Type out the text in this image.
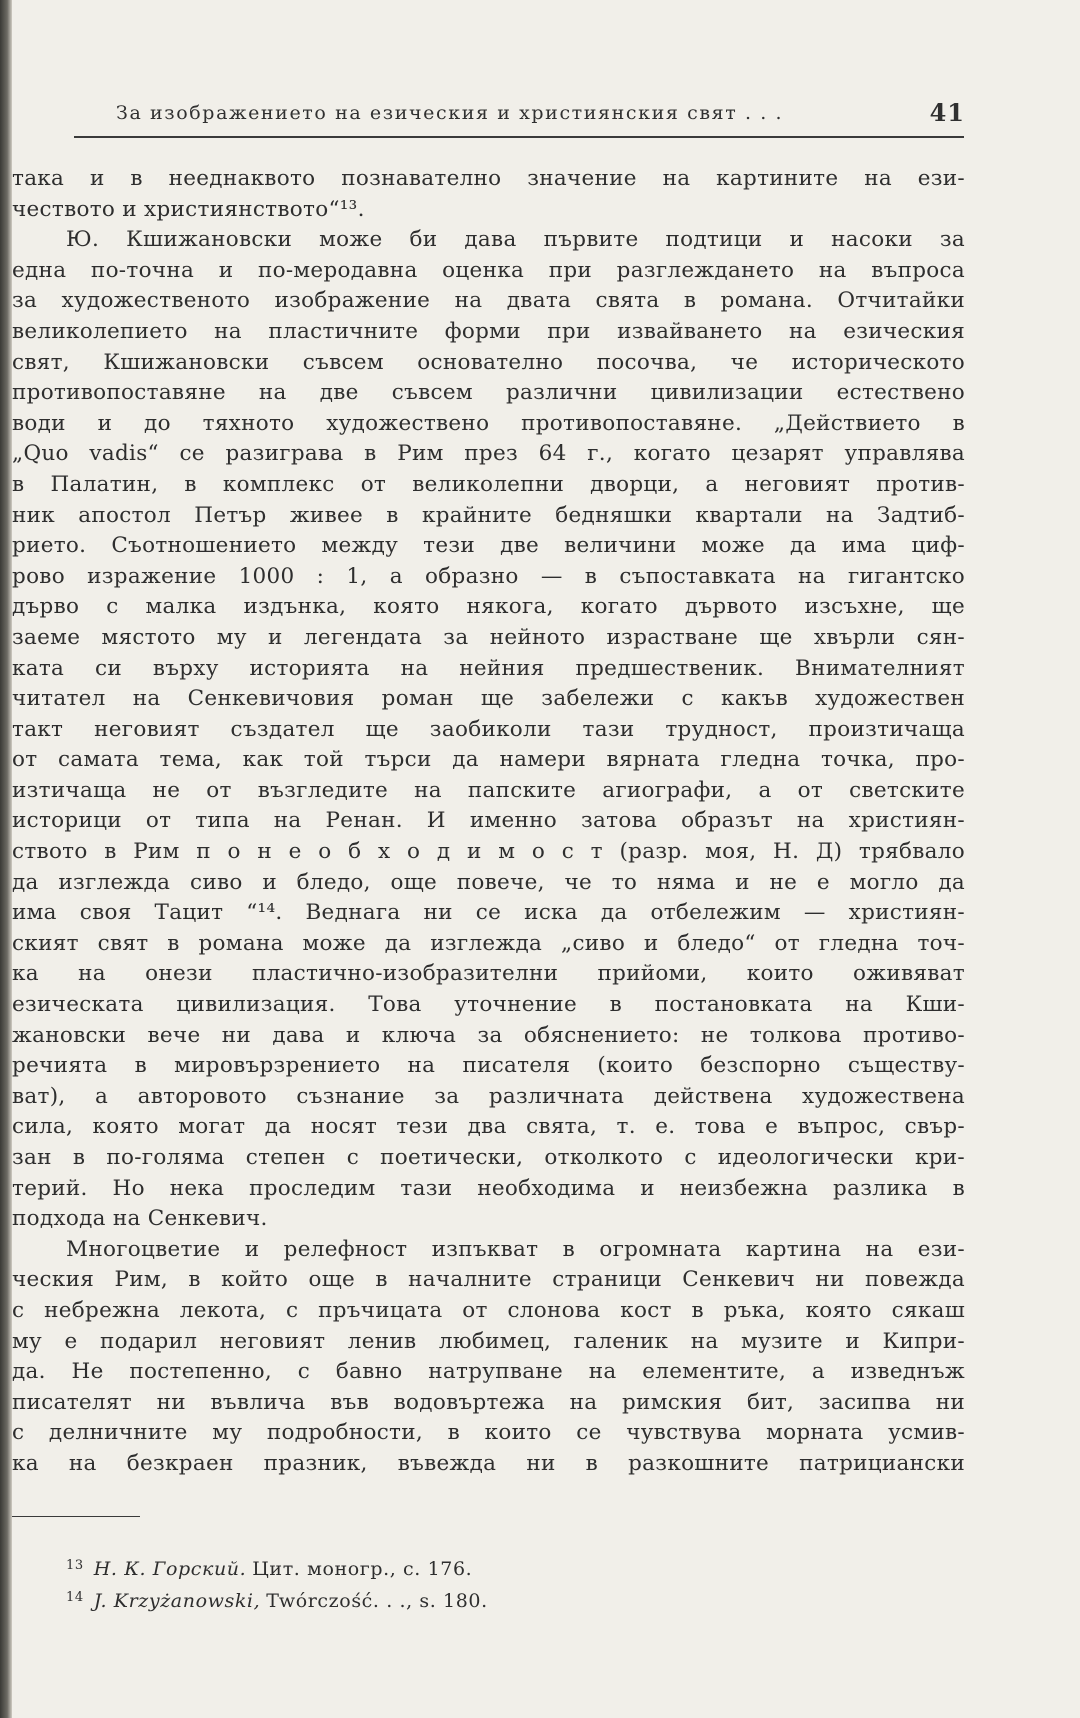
За изображението на езическия и християнския свят . . .	41
така и в нееднаквото познавателно значение на картините на ези-
чеството и християнството“¹³.
Ю. Кшижановски може би дава първите подтици и насоки за
една по-точна и по-меродавна оценка при разглеждането на въпроса
за художественото изображение на двата свята в романа. Отчитайки
великолепието на пластичните форми при извайването на езическия
свят, Кшижановски съвсем основателно посочва, че историческото
противопоставяне на две съвсем различни цивилизации естествено
води и до тяхното художествено противопоставяне. „Действието в
„Quo vadis“ се разиграва в Рим през 64 г., когато цезарят управлява
в Палатин, в комплекс от великолепни дворци, а неговият против-
ник апостол Петър живее в крайните бедняшки квартали на Задтиб-
рието. Съотношението между тези две величини може да има циф-
рово изражение 1000 : 1, а образно — в съпоставката на гигантско
дърво с малка издънка, която някога, когато дървото изсъхне, ще
заеме мястото му и легендата за нейното израстване ще хвърли сян-
ката си върху историята на нейния предшественик. Внимателният
читател на Сенкевичовия роман ще забележи с какъв художествен
такт неговият създател ще заобиколи тази трудност, произтичаща
от самата тема, как той търси да намери вярната гледна точка, про-
изтичаща не от възгледите на папските агиографи, а от светските
историци от типа на Ренан. И именно затова образът на християн-
ството в Рим п о н е о б х о д и м о с т (разр. моя, Н. Д) трябвало
да изглежда сиво и бледо, още повече, че то няма и не е могло да
има своя Тацит “¹⁴. Веднага ни се иска да отбележим — християн-
ският свят в романа може да изглежда „сиво и бледо“ от гледна точ-
ка на онези пластично-изобразителни прийоми, които оживяват
езическата цивилизация. Това уточнение в постановката на Кши-
жановски вече ни дава и ключа за обяснението: не толкова противо-
речията в мировързрението на писателя (които безспорно съществу-
ват), а авторовото съзнание за различната действена художествена
сила, която могат да носят тези два свята, т. е. това е въпрос, свър-
зан в по-голяма степен с поетически, отколкото с идеологически кри-
терий. Но нека проследим тази необходима и неизбежна разлика в
подхода на Сенкевич.
Многоцветие и релефност изпъкват в огромната картина на ези-
ческия Рим, в който още в началните страници Сенкевич ни повежда
с небрежна лекота, с пръчицата от слонова кост в ръка, която сякаш
му е подарил неговият ленив любимец, галеник на музите и Кипри-
да. Не постепенно, с бавно натрупване на елементите, а изведнъж
писателят ни въвлича във водовъртежа на римския бит, засипва ни
с делничните му подробности, в които се чувствува морната усмив-
ка на безкраен празник, въвежда ни в разкошните патрициански
$^{13}$ Н. К. Горский. Цит. моногр., с. 176.
$^{14}$ J. Krzyżanowski, Twórczość. . ., s. 180.
